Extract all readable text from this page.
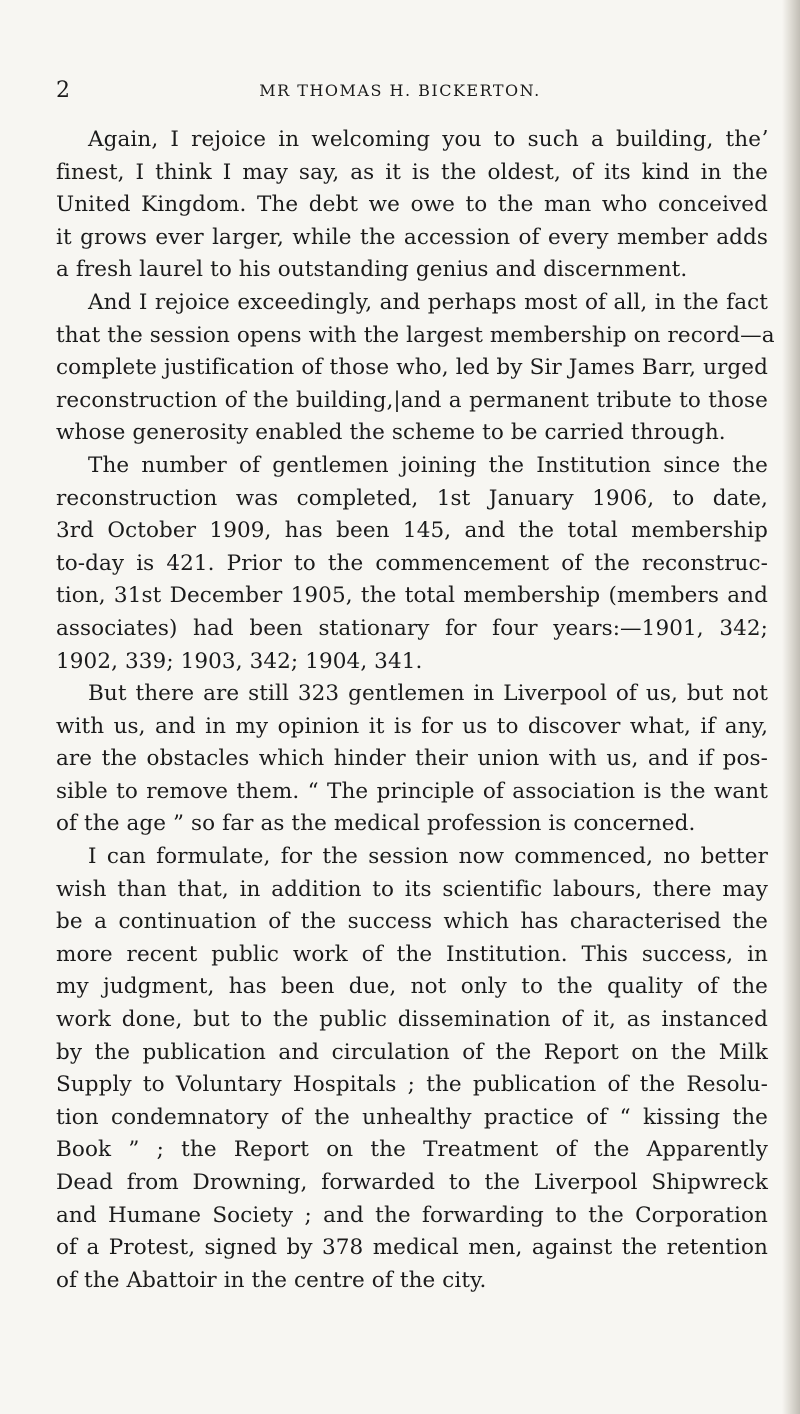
2	MR THOMAS H. BICKERTON.
Again, I rejoice in welcoming you to such a building, theʼ
finest, I think I may say, as it is the oldest, of its kind in the
United Kingdom. The debt we owe to the man who conceived
it grows ever larger, while the accession of every member adds
a fresh laurel to his outstanding genius and discernment.
And I rejoice exceedingly, and perhaps most of all, in the fact
that the session opens with the largest membership on record—a
complete justification of those who, led by Sir James Barr, urged
reconstruction of the building,|and a permanent tribute to those
whose generosity enabled the scheme to be carried through.
The number of gentlemen joining the Institution since the
reconstruction was completed, 1st January 1906, to date,
3rd October 1909, has been 145, and the total membership
to-day is 421. Prior to the commencement of the reconstruc-
tion, 31st December 1905, the total membership (members and
associates) had been stationary for four years:—1901, 342;
1902, 339; 1903, 342; 1904, 341.
But there are still 323 gentlemen in Liverpool of us, but not
with us, and in my opinion it is for us to discover what, if any,
are the obstacles which hinder their union with us, and if pos-
sible to remove them. “ The principle of association is the want
of the age ” so far as the medical profession is concerned.
I can formulate, for the session now commenced, no better
wish than that, in addition to its scientific labours, there may
be a continuation of the success which has characterised the
more recent public work of the Institution. This success, in
my judgment, has been due, not only to the quality of the
work done, but to the public dissemination of it, as instanced
by the publication and circulation of the Report on the Milk
Supply to Voluntary Hospitals ; the publication of the Resolu-
tion condemnatory of the unhealthy practice of “ kissing the
Book ” ; the Report on the Treatment of the Apparently
Dead from Drowning, forwarded to the Liverpool Shipwreck
and Humane Society ; and the forwarding to the Corporation
of a Protest, signed by 378 medical men, against the retention
of the Abattoir in the centre of the city.
